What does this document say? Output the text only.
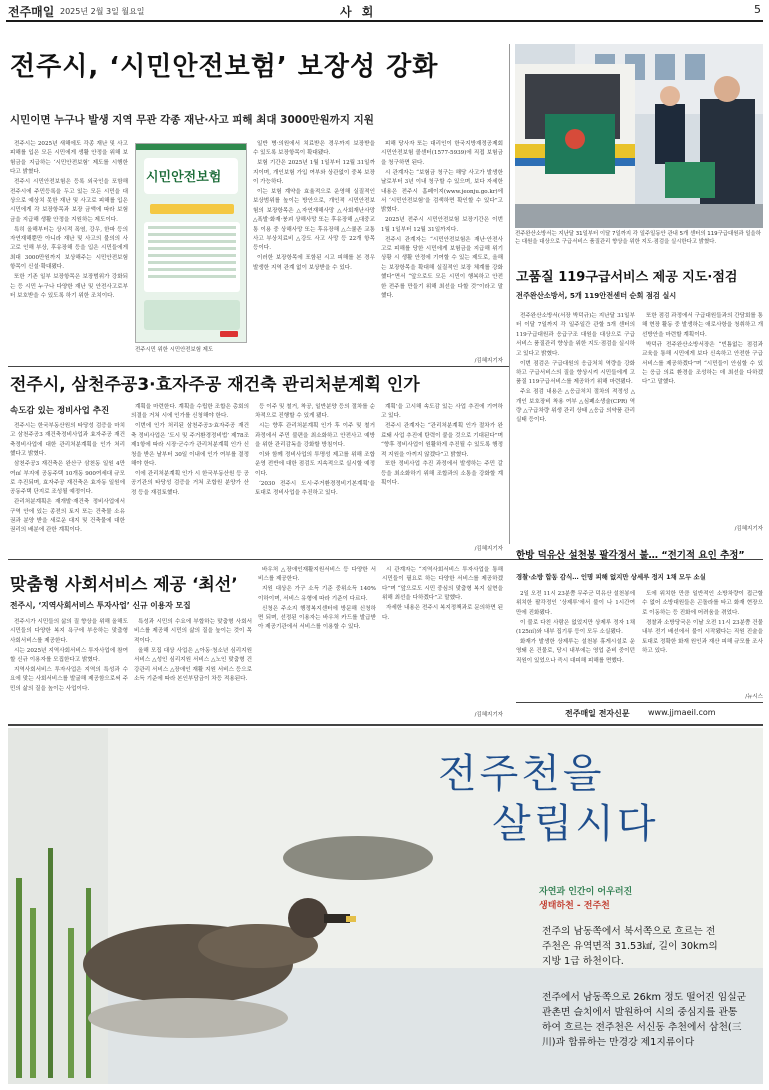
전주매일 2025년 2월 3일 월요일	사 회	5
전주시, ‘시민안전보험’ 보장성 강화
시민이면 누구나 발생 지역 무관 각종 재난·사고 피해 최대 3000만원까지 지원

전주시는 2025년 새해에도 각종 재난 및 사고 피해를 입은 모든 시민에게 생활 안정을 위해 보험금을 지급하는 ‘시민안전보험’ 제도를 시행한다고 밝혔다.

전주시 시민안전보험은 등록 외국인을 포함해 전주시에 주민등록을 두고 있는 모든 시민을 대상으로 예상치 못한 재난 및 사고로 피해를 입은 시민에게 각 보장항목과 보장 금액에 따라 보험금을 지급해 생활 안정을 지원하는 제도이다.

특히 올해부터는 상시적 폭염, 강우, 한파 등의 자연재해뿐만 아니라 재난 및 사고의 불의의 사고로 인해 부상, 후유장해 등을 입은 시민들에게 최대 3000만원까지 보상해주는 시민안전보험 항목이 신설·확대됐다.

또한 기존 일부 보장항목은 보장범위가 강화되는 등 시민 누구나 다양한 재난 및 안전사고로부터 보호받을 수 있도록 하기 위한 조치이다.

시민안전보험
전주시민 위한 시민안전보험 제도

일반 병·의원에서 치료받은 경우까지 보장받을 수 있도록 보장항목이 확대됐다.

보험 기간은 2025년 1월 1일부터 12월 31일까지이며, 개인보험 가입 여부와 상관없이 중복 보장이 가능하다.

이는 보험 계약을 효율적으로 운영해 실질적인 보상범위를 높이는 방안으로, 개인적 시민안전보험의 보장항목은 △자연재해사망 △사회재난사망 △폭발·화재·붕괴 상해사망 또는 후유장해 △대중교통 이용 중 상해사망 또는 후유장해 △스쿨존 교통사고 부상치료비 △강도 사고 사망 등 22개 항목 등이다.

이러한 보장항목에 포함된 시고 피해를 본 경우 발생한 지역 관계 없이 보상받을 수 있다.

피해 당사자 또는 대리인이 한국지방재정공제회 시민안전보험 콜센터(1577-5939)에 직접 보험금을 청구하면 된다.

시 관계자는 “보험금 청구는 해당 사고가 발생한 날로부터 3년 이내 청구할 수 있으며, 보다 자세한 내용은 전주시 홈페이지(www.jeonju.go.kr)에서 ‘시민안전보험’을 검색하면 확인할 수 있다”고 밝혔다.

2025년 전주시 시민안전보험 보장기간은 이번 1월 1일부터 12월 31일까지다.

전주시 관계자는 “시민안전보험은 재난·안전사고로 피해를 당한 시민에게 보험금을 지급해 위기 상황 시 생활 안정에 기여할 수 있는 제도로, 올해는 보장항목을 확대해 실질적인 보장 체계를 강화했다”면서 “앞으로도 모든 시민이 행복하고 안전한 전주를 만들기 위해 최선을 다할 것”이라고 말했다.

/김혜지기자
전주완산소방서는 지난달 31일부터 이달 7일까지 각 일주일동안 관내 5개 센터의 119구급대원과 일을하는 대원을 대상으로 구급서비스 품질관리 향상을 위한 지도·점검을 실시한다고 밝혔다.
고품질 119구급서비스 제공 지도·점검
전주완산소방서, 5개 119안전센터 순회 점검 실시

전주완산소방서(서장 박덕규)는 지난달 31일부터 이달 7일까지 각 일주일간 관할 5개 센터의 119구급대원과 응급구조 대원을 대상으로 구급서비스 품질관리 향상을 위한 지도·점검을 실시하고 있다고 밝혔다.

이번 점검은 구급대원의 응급처치 역량을 강화하고 구급서비스의 질을 향상시켜 시민들에게 고품질 119구급서비스를 제공하기 위해 마련됐다.

주요 점검 내용은 △응급처치 절차의 적정성 △개인 보호장비 착용 여부 △심폐소생술(CPR) 역량 △구급차량 위생 관리 상태 △응급 의약품 관리 실태 등이다.

또한 점검 과정에서 구급대원들과의 간담회를 통해 현장 활동 중 발생하는 애로사항을 청취하고 개선방안을 마련할 계획이다.

박덕규 전주완산소방서장은 “빈틈없는 점검과 교육을 통해 시민에게 보다 신속하고 안전한 구급서비스를 제공하겠다”며 “시민들이 안심할 수 있는 응급 의료 환경을 조성하는 데 최선을 다하겠다”고 말했다.

/김혜지기자
전주시, 삼천주공3·효자주공 재건축 관리처분계획 인가
속도감 있는 정비사업 추진

전주시는 한국부동산원의 타당성 검증을 마치고 삼천주공3 재건축정비사업과 효자주공 재건축정비사업에 대한 관리처분계획을 인가 처리했다고 밝혔다.

삼천주공3 재건축은 완산구 삼천동 일원 4만여㎡ 부지에 공동주택 10개동 900여세대 규모로 추진되며, 효자주공 재건축은 효자동 일원에 공동주택 단지로 조성될 예정이다.

관리처분계획은 재개발·재건축 정비사업에서 구역 안에 있는 종전의 토지 또는 건축물 소유권과 분양 받을 새로운 대지 및 건축물에 대한 권리의 배분에 관한 계획이다.

계획을 마련한다. 계획을 수립한 조합은 총회의 의결을 거쳐 시에 인가를 신청해야 한다.

이번에 인가 처리된 삼천주공3·효자주공 재건축 정비사업은 ‘도시 및 주거환경정비법’ 제78조제1항에 따라 시장·군수가 관리처분계획 인가 신청을 받은 날부터 30일 이내에 인가 여부를 결정해야 한다.

이에 관리처분계획 인가 시 한국부동산원 등 공공기관의 타당성 검증을 거쳐 조합원 분양가 산정 등을 재검토했다.

등 이주 및 철거, 착공, 일반분양 등의 절차를 순차적으로 진행할 수 있게 됐다.

시는 향후 관리처분계획 인가 후 이주 및 철거 과정에서 주민 불편을 최소화하고 안전사고 예방을 위한 관리감독을 강화할 방침이다.

이와 함께 정비사업의 투명성 제고를 위해 조합 운영 전반에 대한 점검도 지속적으로 실시할 예정이다.

‘2030 전주시 도시·주거환경정비기본계획’을 토대로 정비사업을 추진하고 있다.

계획’을 고시해 속도감 있는 사업 추진에 기여하고 있다.

전주시 관계자는 “관리처분계획 인가 절차가 완료돼 사업 추진에 탄력이 붙을 것으로 기대된다”며 “향후 정비사업이 원활하게 추진될 수 있도록 행정적 지원을 아끼지 않겠다”고 밝혔다.

또한 정비사업 추진 과정에서 발생하는 주민 갈등을 최소화하기 위해 조합과의 소통을 강화할 계획이다.

/김혜지기자
한방 덕유산 설천봉 팔각정서 불… “전기적 요인 추정”
경찰·소방 합동 감식… 인명 피해 없지만 상세루 정지 1채 모두 소실

2일 오전 11시 23분쯤 무주군 덕유산 설천봉에 위치한 팔각정인 ‘상제루’에서 불이 나 1시간여 만에 진화됐다.

이 불로 다친 사람은 없었지만 상제루 정자 1채(125㎡)와 내부 집기류 등이 모두 소실됐다.

화재가 발생한 상제루는 설천봉 휴게시설로 운영돼 온 건물로, 당시 내부에는 영업 준비 중이던 직원이 있었으나 즉시 대피해 피해를 면했다.

도에 위치한 만큼 일반적인 소방차량이 접근할 수 없어 소방대원들은 곤돌라를 타고 화재 현장으로 이동하는 등 진화에 어려움을 겪었다.

경찰과 소방당국은 이날 오전 11시 23분쯤 건물 내부 전기 배선에서 불이 시작됐다는 직원 진술을 토대로 정확한 화재 원인과 재산 피해 규모를 조사하고 있다.

/뉴시스
맞춤형 사회서비스 제공 ‘최선’
전주시, ‘지역사회서비스 투자사업’ 신규 이용자 모집

전주시가 시민들의 삶의 질 향상을 위해 올해도 시민들의 다양한 복지 욕구에 부응하는 맞춤형 사회서비스를 제공한다.

시는 2025년 지역사회서비스 투자사업에 참여할 신규 이용자를 모집한다고 밝혔다.

지역사회서비스 투자사업은 지역의 특성과 수요에 맞는 사회서비스를 발굴해 제공함으로써 주민의 삶의 질을 높이는 사업이다.

특성과 시민의 수요에 부합하는 맞춤형 사회서비스를 제공해 시민의 삶의 질을 높이는 것이 목적이다.

올해 모집 대상 사업은 △아동·청소년 심리지원 서비스 △성인 심리지원 서비스 △노인 맞춤형 건강관리 서비스 △장애인 재활 지원 서비스 등으로 소득 기준에 따라 본인부담금이 차등 적용된다.

바우처 △장애인재활지원서비스 등 다양한 서비스를 제공한다.

지원 대상은 가구 소득 기준 중위소득 140% 이하이며, 서비스 유형에 따라 기준이 다르다.

신청은 주소지 행정복지센터에 방문해 신청하면 되며, 선정된 이용자는 바우처 카드를 발급받아 제공기관에서 서비스를 이용할 수 있다.

시 관계자는 “지역사회서비스 투자사업을 통해 시민들이 필요로 하는 다양한 서비스를 제공하겠다”며 “앞으로도 시민 중심의 맞춤형 복지 실현을 위해 최선을 다하겠다”고 말했다.

자세한 내용은 전주시 복지정책과로 문의하면 된다.

/김혜지기자	전주매일 전자신문 www.jjmaeil.com
전주천을
살립시다
자연과 인간이 어우러진
생태하천 - 전주천
전주의 남동쪽에서 북서쪽으로 흐르는 전주천은 유역면적 31.53㎢, 길이 30km의 지방 1급 하천이다.
전주에서 남동쪽으로 26km 정도 떨어진 임실군 관촌면 슬치에서 발원하여 시의 중심지를 관통 하여 흐르는 전주천은 서신동 추천에서 삼천(三川)과 합류하는 만경강 제1지류이다
